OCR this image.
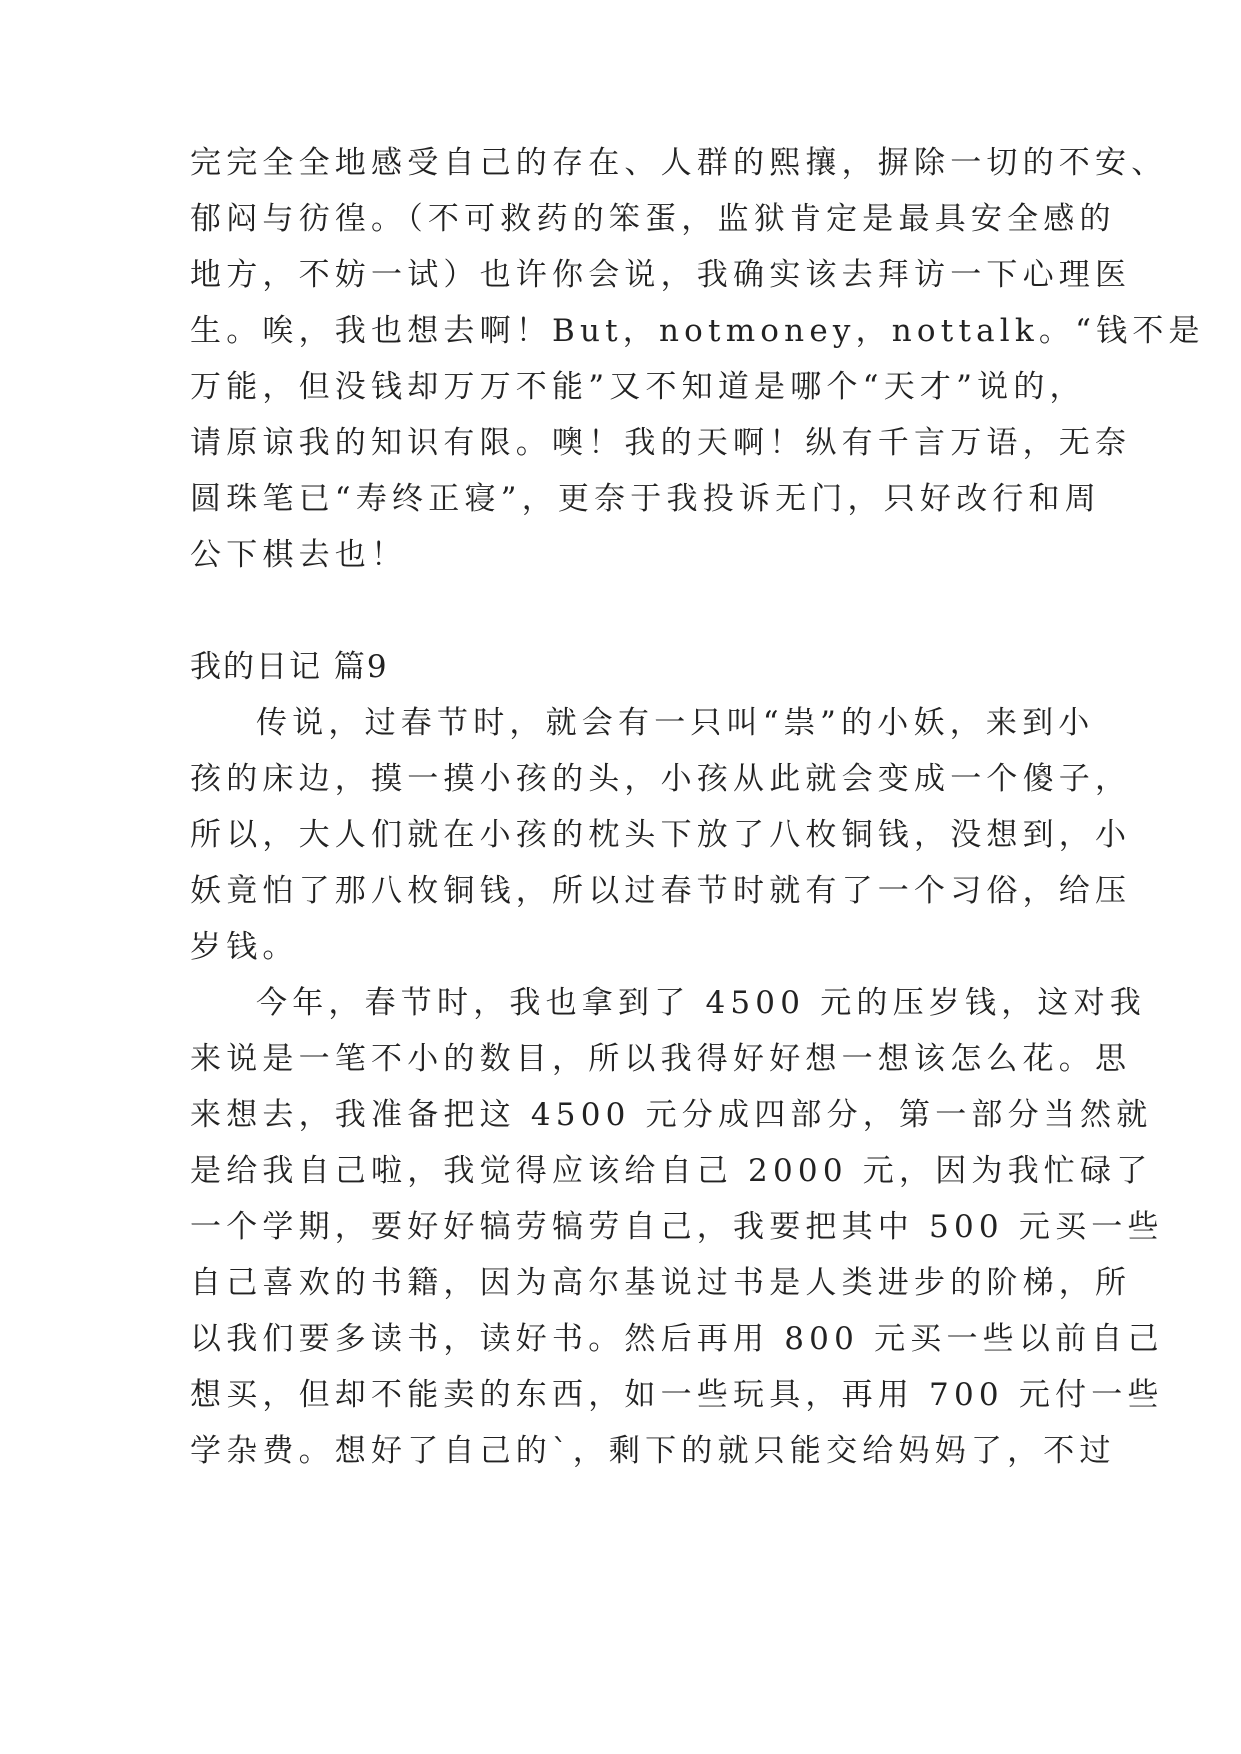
完完全全地感受自己的存在、人群的熙攘，摒除一切的不安、

郁闷与彷徨。（不可救药的笨蛋，监狱肯定是最具安全感的

地方，不妨一试）也许你会说，我确实该去拜访一下心理医

生。唉，我也想去啊！But，notmoney，nottalk。“钱不是

万能，但没钱却万万不能”又不知道是哪个“天才”说的，

请原谅我的知识有限。噢！我的天啊！纵有千言万语，无奈

圆珠笔已“寿终正寝”，更奈于我投诉无门，只好改行和周

公下棋去也！

我的日记 篇9

传说，过春节时，就会有一只叫“祟”的小妖，来到小

孩的床边，摸一摸小孩的头，小孩从此就会变成一个傻子，

所以，大人们就在小孩的枕头下放了八枚铜钱，没想到，小

妖竟怕了那八枚铜钱，所以过春节时就有了一个习俗，给压

岁钱。

今年，春节时，我也拿到了 4500 元的压岁钱，这对我

来说是一笔不小的数目，所以我得好好想一想该怎么花。思

来想去，我准备把这 4500 元分成四部分，第一部分当然就

是给我自己啦，我觉得应该给自己 2000 元，因为我忙碌了

一个学期，要好好犒劳犒劳自己，我要把其中 500 元买一些

自己喜欢的书籍，因为高尔基说过书是人类进步的阶梯，所

以我们要多读书，读好书。然后再用 800 元买一些以前自己

想买，但却不能卖的东西，如一些玩具，再用 700 元付一些

学杂费。想好了自己的`，剩下的就只能交给妈妈了，不过
